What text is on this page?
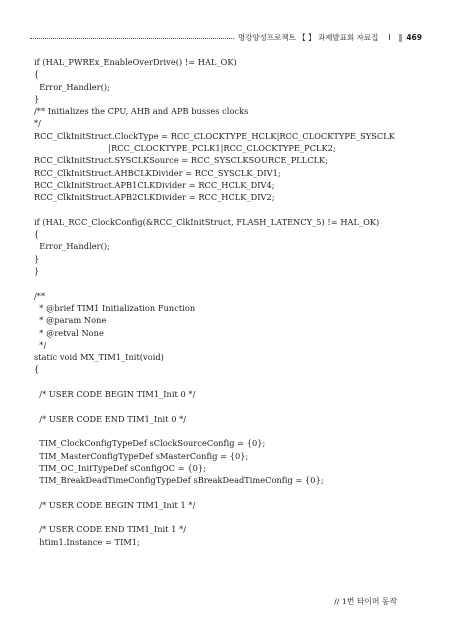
명강양성프로젝트 【 】 과제발표회 자료집 I ‖ 469
if (HAL_PWREx_EnableOverDrive() != HAL_OK)
{
Error_Handler();
}
/** Initializes the CPU, AHB and APB busses clocks
*/
RCC_ClkInitStruct.ClockType = RCC_CLOCKTYPE_HCLK|RCC_CLOCKTYPE_SYSCLK
|RCC_CLOCKTYPE_PCLK1|RCC_CLOCKTYPE_PCLK2;
RCC_ClkInitStruct.SYSCLKSource = RCC_SYSCLKSOURCE_PLLCLK;
RCC_ClkInitStruct.AHBCLKDivider = RCC_SYSCLK_DIV1;
RCC_ClkInitStruct.APB1CLKDivider = RCC_HCLK_DIV4;
RCC_ClkInitStruct.APB2CLKDivider = RCC_HCLK_DIV2;
if (HAL_RCC_ClockConfig(&RCC_ClkInitStruct, FLASH_LATENCY_5) != HAL_OK)
{
Error_Handler();
}
}
/**
* @brief TIM1 Initialization Function
* @param None
* @retval None
*/
static void MX_TIM1_Init(void)
{
/* USER CODE BEGIN TIM1_Init 0 */
/* USER CODE END TIM1_Init 0 */
TIM_ClockConfigTypeDef sClockSourceConfig = {0};
TIM_MasterConfigTypeDef sMasterConfig = {0};
TIM_OC_InitTypeDef sConfigOC = {0};
TIM_BreakDeadTimeConfigTypeDef sBreakDeadTimeConfig = {0};
/* USER CODE BEGIN TIM1_Init 1 */
/* USER CODE END TIM1_Init 1 */
htim1.Instance = TIM1;
// 1번 타이머 동작
